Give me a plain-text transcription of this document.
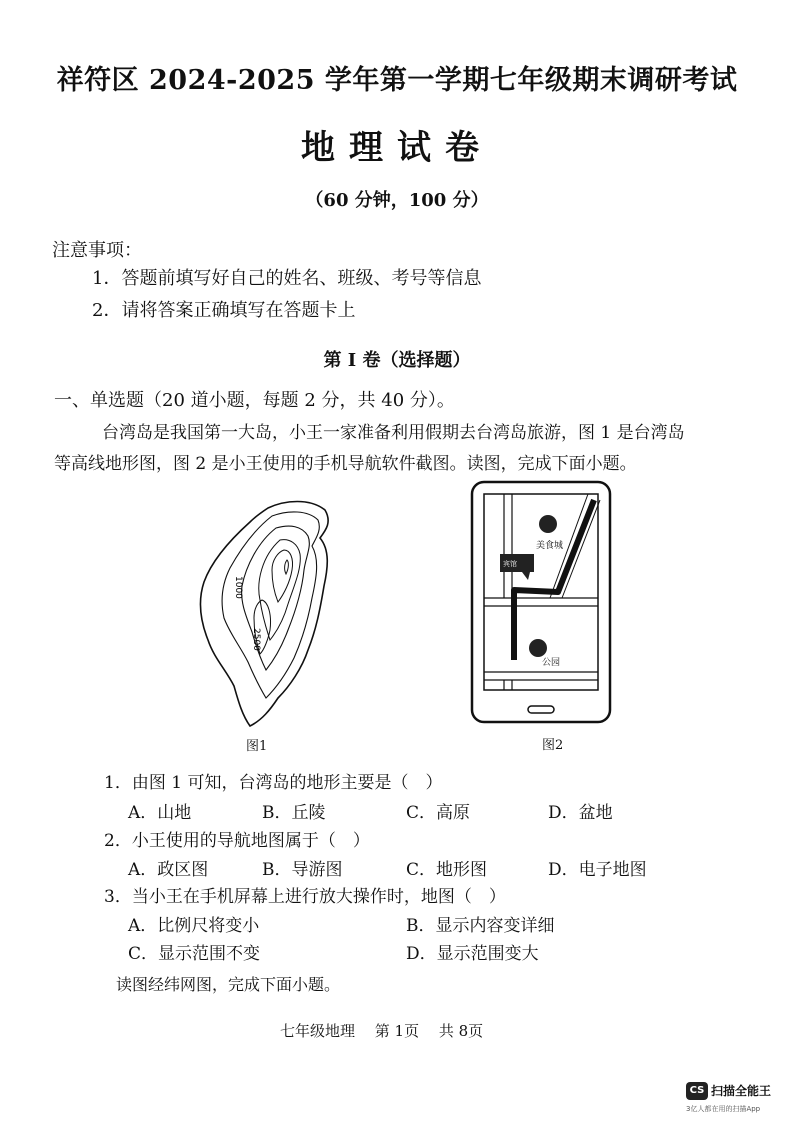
祥符区 2024-2025 学年第一学期七年级期末调研考试
地理试卷
（60 分钟，100 分）
注意事项：
1．答题前填写好自己的姓名、班级、考号等信息
2．请将答案正确填写在答题卡上
第 I 卷（选择题）
一、单选题（20 道小题，每题 2 分，共 40 分）。
台湾岛是我国第一大岛，小王一家准备利用假期去台湾岛旅游，图 1 是台湾岛
等高线地形图，图 2 是小王使用的手机导航软件截图。读图，完成下面小题。
1000
2500
图1
宾馆
美食城
公园
图2
1．由图 1 可知，台湾岛的地形主要是（　）
A．山地	B．丘陵	C．高原	D．盆地
2．小王使用的导航地图属于（　）
A．政区图	B．导游图	C．地形图	D．电子地图
3．当小王在手机屏幕上进行放大操作时，地图（　）
A．比例尺将变小	B．显示内容变详细
C．显示范围不变	D．显示范围变大
读图经纬网图，完成下面小题。
七年级地理　 第 1页　 共 8页
CS 扫描全能王
3亿人都在用的扫描App
